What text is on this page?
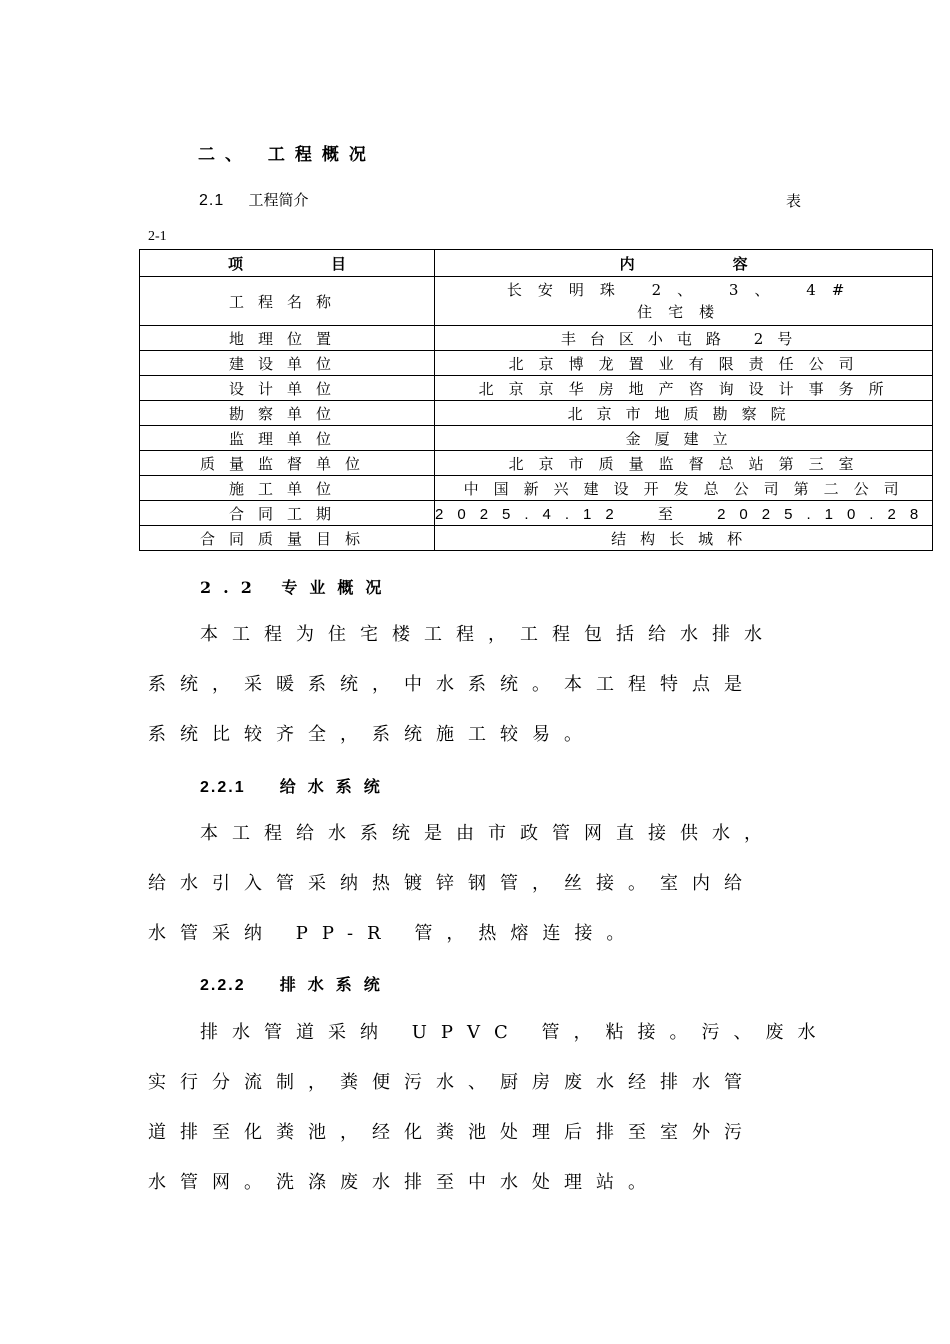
二、 工程概况
2.1 工程简介	表
2-1
项目	内容
工程名称	长安明珠 2、 3、 4#
住宅楼

地理位置	丰台区小屯路 2号
建设单位	北京博龙置业有限责任公司
设计单位	北京京华房地产咨询设计事务所
勘察单位	北京市地质勘察院
监理单位	金厦建立
质量监督单位	北京市质量监督总站第三室
施工单位	中国新兴建设开发总公司第二公司
合同工期	2025.4.12 至 2025.10.28
合同质量目标	结构长城杯
2.2 专业概况
本工程为住宅楼工程，工程包括给水排水
系统，采暖系统，中水系统。本工程特点是
系统比较齐全，系统施工较易。
2.2.1 给水系统
本工程给水系统是由市政管网直接供水，
给水引入管采纳热镀锌钢管，丝接。室内给
水管采纳 PP-R 管，热熔连接。
2.2.2 排水系统
排水管道采纳 UPVC 管，粘接。污、废水
实行分流制，粪便污水、厨房废水经排水管
道排至化粪池，经化粪池处理后排至室外污
水管网。洗涤废水排至中水处理站。
